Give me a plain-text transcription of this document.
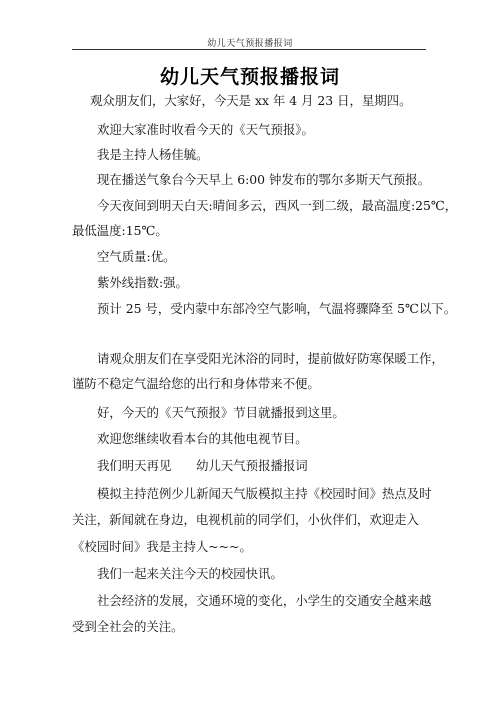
幼儿天气预报播报词
幼儿天气预报播报词
观众朋友们，大家好，今天是 xx 年 4 月 23 日，星期四。
欢迎大家准时收看今天的《天气预报》。
我是主持人杨佳毓。
现在播送气象台今天早上 6:00 钟发布的鄂尔多斯天气预报。
今天夜间到明天白天:晴间多云，西风一到二级，最高温度:25℃，
最低温度:15℃。
空气质量:优。
紫外线指数:强。
预计 25 号，受内蒙中东部冷空气影响，气温将骤降至 5℃以下。
请观众朋友们在享受阳光沐浴的同时，提前做好防寒保暖工作，
谨防不稳定气温给您的出行和身体带来不便。
好，今天的《天气预报》节目就播报到这里。
欢迎您继续收看本台的其他电视节目。
我们明天再见　　幼儿天气预报播报词
模拟主持范例少儿新闻天气版模拟主持《校园时间》热点及时
关注，新闻就在身边，电视机前的同学们，小伙伴们，欢迎走入
《校园时间》我是主持人~~~。
我们一起来关注今天的校园快讯。
社会经济的发展，交通环境的变化，小学生的交通安全越来越
受到全社会的关注。
